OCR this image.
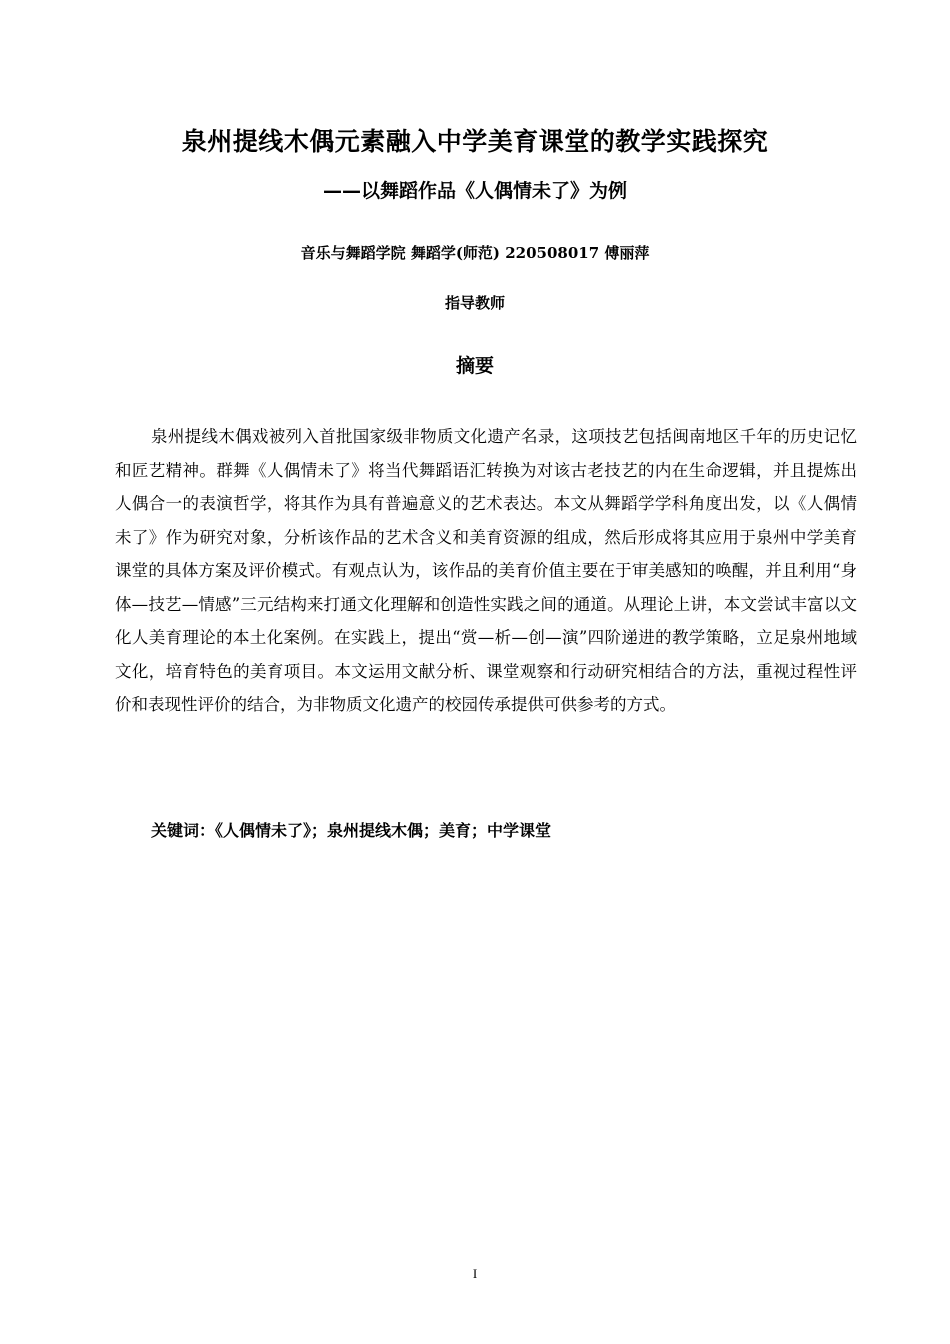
泉州提线木偶元素融入中学美育课堂的教学实践探究
——以舞蹈作品《人偶情未了》为例
音乐与舞蹈学院 舞蹈学(师范) 220508017 傅丽萍
指导教师
摘要

泉州提线木偶戏被列入首批国家级非物质文化遗产名录，这项技艺包括闽南地区千年的历史记忆和匠艺精神。群舞《人偶情未了》将当代舞蹈语汇转换为对该古老技艺的内在生命逻辑，并且提炼出人偶合一的表演哲学，将其作为具有普遍意义的艺术表达。本文从舞蹈学学科角度出发，以《人偶情未了》作为研究对象，分析该作品的艺术含义和美育资源的组成，然后形成将其应用于泉州中学美育课堂的具体方案及评价模式。有观点认为，该作品的美育价值主要在于审美感知的唤醒，并且利用“身体—技艺—情感”三元结构来打通文化理解和创造性实践之间的通道。从理论上讲，本文尝试丰富以文化人美育理论的本土化案例。在实践上，提出“赏—析—创—演”四阶递进的教学策略，立足泉州地域文化，培育特色的美育项目。本文运用文献分析、课堂观察和行动研究相结合的方法，重视过程性评价和表现性评价的结合，为非物质文化遗产的校园传承提供可供参考的方式。

关键词：《人偶情未了》；泉州提线木偶；美育；中学课堂
I
